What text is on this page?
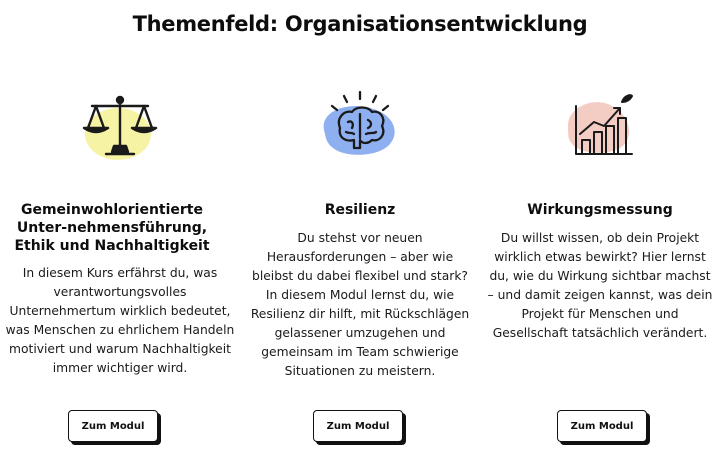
Themenfeld: Organisationsentwicklung
Gemeinwohlorientierte Unter-nehmensführung, Ethik und Nachhaltigkeit

In diesem Kurs erfährst du, was verantwortungsvolles Unternehmertum wirklich bedeutet, was Menschen zu ehrlichem Handeln motiviert und warum Nachhaltigkeit immer wichtiger wird.

Zum Modul
Resilienz

Du stehst vor neuen Herausforderungen – aber wie bleibst du dabei flexibel und stark? In diesem Modul lernst du, wie Resilienz dir hilft, mit Rückschlägen gelassener umzugehen und gemeinsam im Team schwierige Situationen zu meistern.

Zum Modul
Wirkungsmessung

Du willst wissen, ob dein Projekt wirklich etwas bewirkt? Hier lernst du, wie du Wirkung sichtbar machst – und damit zeigen kannst, was dein Projekt für Menschen und Gesellschaft tatsächlich verändert.

Zum Modul
